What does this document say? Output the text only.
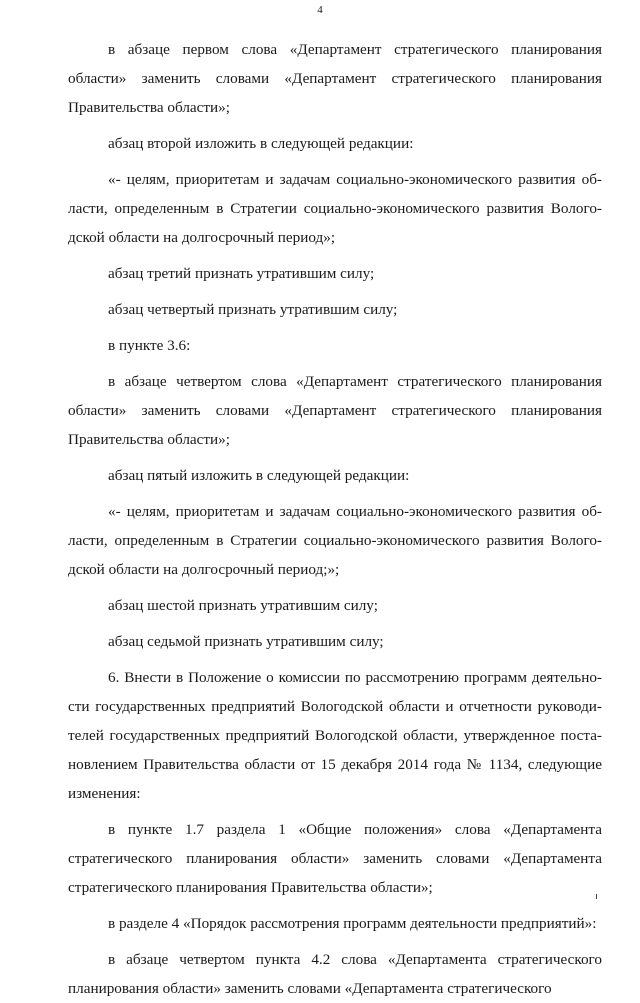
4
в абзаце первом слова «Департамент стратегического планирования
области» заменить словами «Департамент стратегического планирования
Правительства области»;
абзац второй изложить в следующей редакции:
«- целям, приоритетам и задачам социально-экономического развития об-
ласти, определенным в Стратегии социально-экономического развития Волого-
дской области на долгосрочный период»;
абзац третий признать утратившим силу;
абзац четвертый признать утратившим силу;
в пункте 3.6:
в абзаце четвертом слова «Департамент стратегического планирования
области» заменить словами «Департамент стратегического планирования
Правительства области»;
абзац пятый изложить в следующей редакции:
«- целям, приоритетам и задачам социально-экономического развития об-
ласти, определенным в Стратегии социально-экономического развития Волого-
дской области на долгосрочный период;»;
абзац шестой признать утратившим силу;
абзац седьмой признать утратившим силу;
6. Внести в Положение о комиссии по рассмотрению программ деятельно-
сти государственных предприятий Вологодской области и отчетности руководи-
телей государственных предприятий Вологодской области, утвержденное поста-
новлением Правительства области от 15 декабря 2014 года № 1134, следующие
изменения:
в пункте 1.7 раздела 1 «Общие положения» слова «Департамента
стратегического планирования области» заменить словами «Департамента
стратегического планирования Правительства области»;
в разделе 4 «Порядок рассмотрения программ деятельности предприятий»:
в абзаце четвертом пункта 4.2 слова «Департамента стратегического
планирования области» заменить словами «Департамента стратегического
